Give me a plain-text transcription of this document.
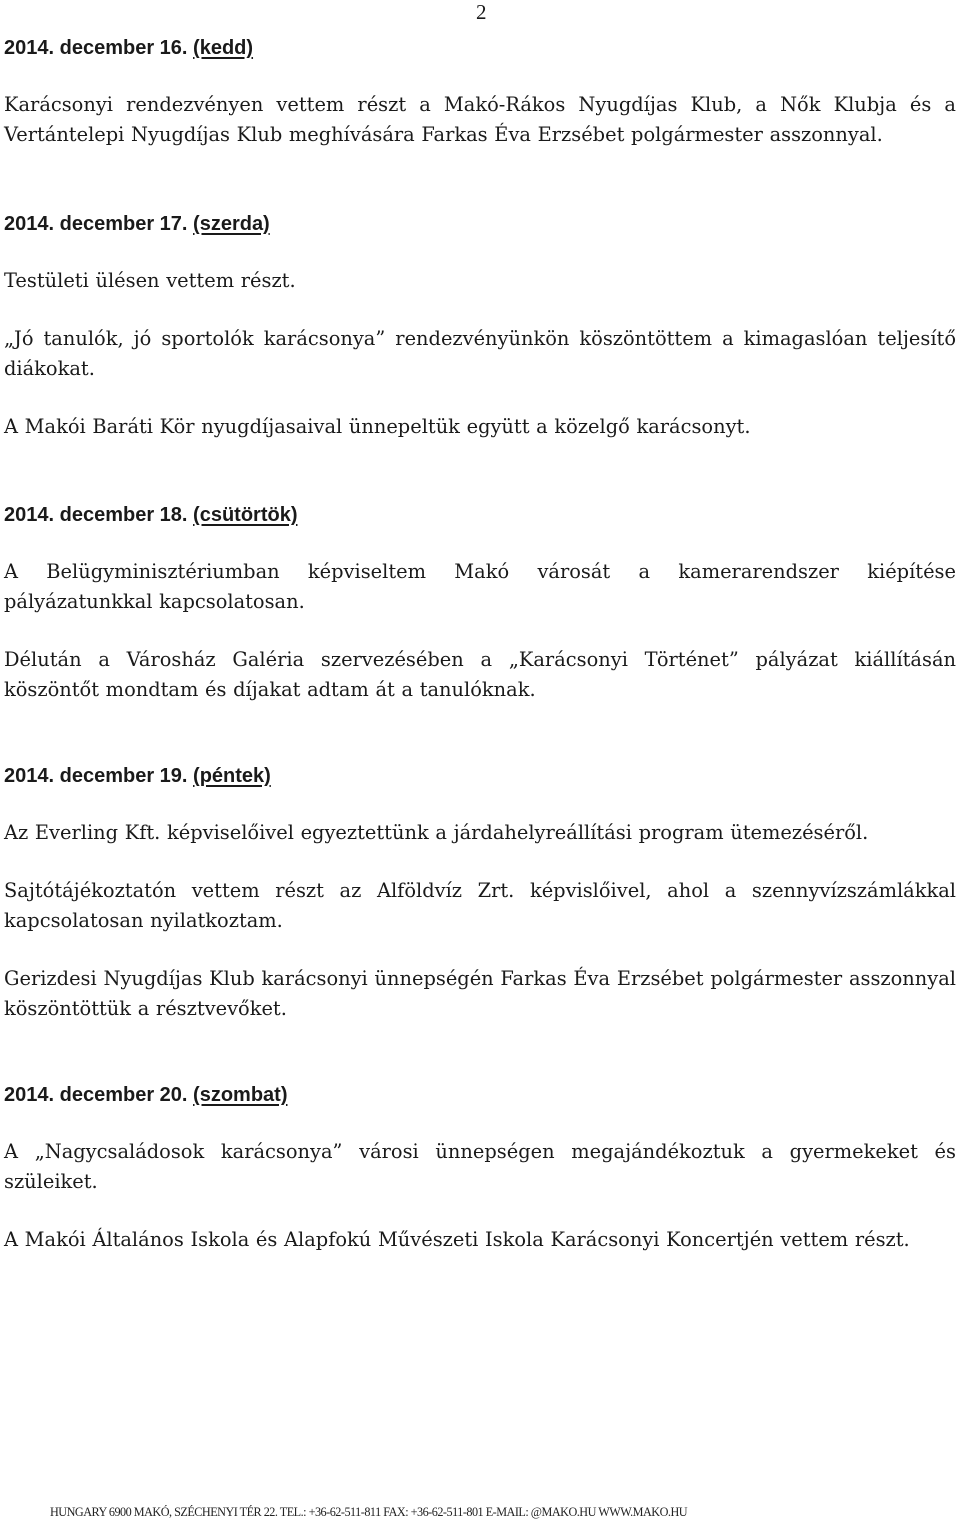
2
2014. december 16. (kedd)

Karácsonyi rendezvényen vettem részt a Makó-Rákos Nyugdíjas Klub, a Nők Klubja és a Vertántelepi Nyugdíjas Klub meghívására Farkas Éva Erzsébet polgármester asszonnyal.

2014. december 17. (szerda)

Testületi ülésen vettem részt.

„Jó tanulók, jó sportolók karácsonya” rendezvényünkön köszöntöttem a kimagaslóan teljesítő diákokat.

A Makói Baráti Kör nyugdíjasaival ünnepeltük együtt a közelgő karácsonyt.

2014. december 18. (csütörtök)

A Belügyminisztériumban képviseltem Makó városát a kamerarendszer kiépítése pályázatunkkal kapcsolatosan.

Délután a Városház Galéria szervezésében a „Karácsonyi Történet” pályázat kiállításán köszöntőt mondtam és díjakat adtam át a tanulóknak.

2014. december 19. (péntek)

Az Everling Kft. képviselőivel egyeztettünk a járdahelyreállítási program ütemezéséről.

Sajtótájékoztatón vettem részt az Alföldvíz Zrt. képvislőivel, ahol a szennyvízszámlákkal kapcsolatosan nyilatkoztam.

Gerizdesi Nyugdíjas Klub karácsonyi ünnepségén Farkas Éva Erzsébet polgármester asszonnyal köszöntöttük a résztvevőket.

2014. december 20. (szombat)

A „Nagycsaládosok karácsonya” városi ünnepségen megajándékoztuk a gyermekeket és szüleiket.

A Makói Általános Iskola és Alapfokú Művészeti Iskola Karácsonyi Koncertjén vettem részt.

HUNGARY 6900 MAKÓ, SZÉCHENYI TÉR 22. TEL.: +36-62-511-811 FAX: +36-62-511-801 E-MAIL: @MAKO.HU WWW.MAKO.HU
